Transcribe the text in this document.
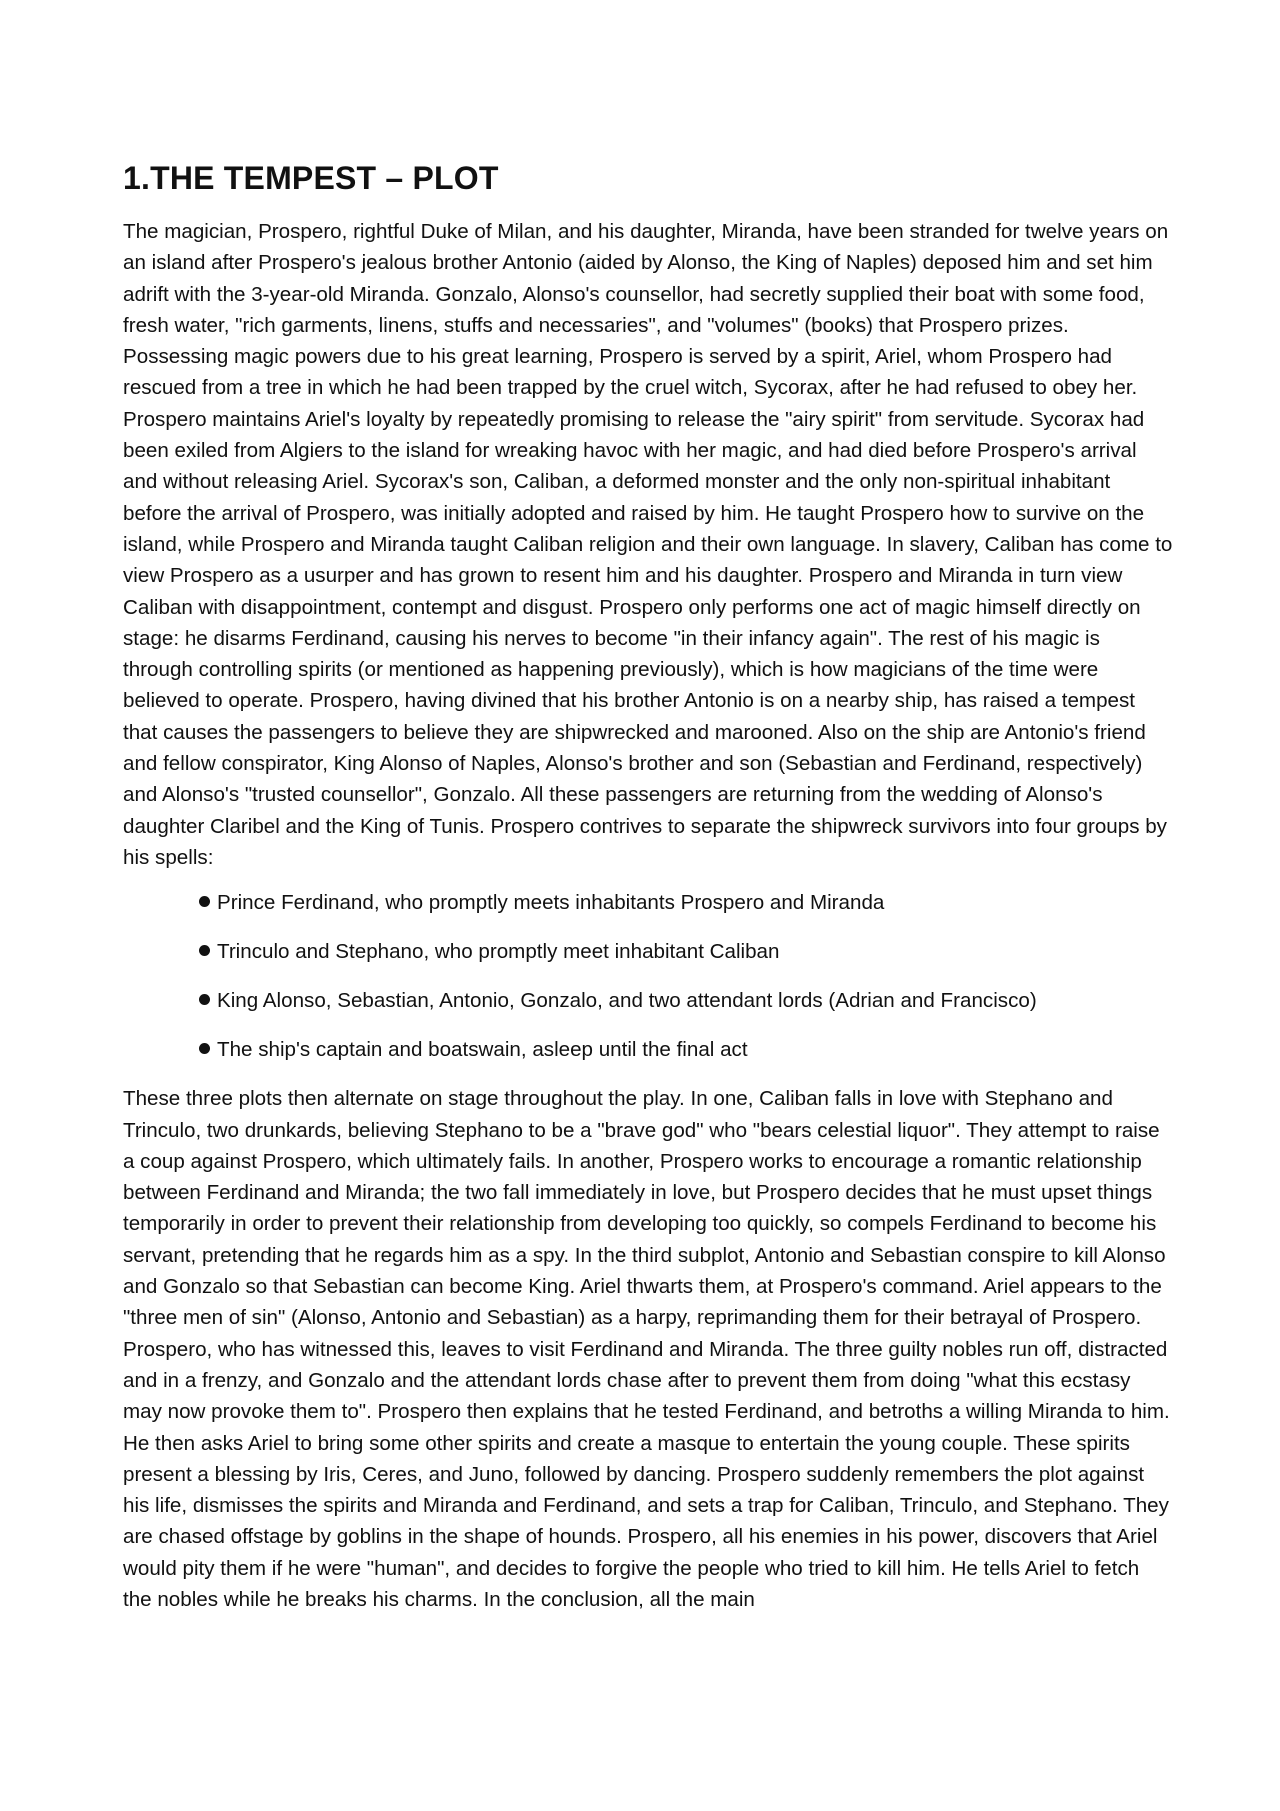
1.THE TEMPEST – PLOT

The magician, Prospero, rightful Duke of Milan, and his daughter, Miranda, have been stranded for twelve years on an island after Prospero's jealous brother Antonio (aided by Alonso, the King of Naples) deposed him and set him adrift with the 3-year-old Miranda. Gonzalo, Alonso's counsellor, had secretly supplied their boat with some food, fresh water, "rich garments, linens, stuffs and necessaries", and "volumes" (books) that Prospero prizes. Possessing magic powers due to his great learning, Prospero is served by a spirit, Ariel, whom Prospero had rescued from a tree in which he had been trapped by the cruel witch, Sycorax, after he had refused to obey her. Prospero maintains Ariel's loyalty by repeatedly promising to release the "airy spirit" from servitude. Sycorax had been exiled from Algiers to the island for wreaking havoc with her magic, and had died before Prospero's arrival and without releasing Ariel. Sycorax's son, Caliban, a deformed monster and the only non-spiritual inhabitant before the arrival of Prospero, was initially adopted and raised by him. He taught Prospero how to survive on the island, while Prospero and Miranda taught Caliban religion and their own language. In slavery, Caliban has come to view Prospero as a usurper and has grown to resent him and his daughter. Prospero and Miranda in turn view Caliban with disappointment, contempt and disgust. Prospero only performs one act of magic himself directly on stage: he disarms Ferdinand, causing his nerves to become "in their infancy again". The rest of his magic is through controlling spirits (or mentioned as happening previously), which is how magicians of the time were believed to operate. Prospero, having divined that his brother Antonio is on a nearby ship, has raised a tempest that causes the passengers to believe they are shipwrecked and marooned. Also on the ship are Antonio's friend and fellow conspirator, King Alonso of Naples, Alonso's brother and son (Sebastian and Ferdinand, respectively) and Alonso's "trusted counsellor", Gonzalo. All these passengers are returning from the wedding of Alonso's daughter Claribel and the King of Tunis. Prospero contrives to separate the shipwreck survivors into four groups by his spells:

Prince Ferdinand, who promptly meets inhabitants Prospero and Miranda
Trinculo and Stephano, who promptly meet inhabitant Caliban
King Alonso, Sebastian, Antonio, Gonzalo, and two attendant lords (Adrian and Francisco)
The ship's captain and boatswain, asleep until the final act

These three plots then alternate on stage throughout the play. In one, Caliban falls in love with Stephano and Trinculo, two drunkards, believing Stephano to be a "brave god" who "bears celestial liquor". They attempt to raise a coup against Prospero, which ultimately fails. In another, Prospero works to encourage a romantic relationship between Ferdinand and Miranda; the two fall immediately in love, but Prospero decides that he must upset things temporarily in order to prevent their relationship from developing too quickly, so compels Ferdinand to become his servant, pretending that he regards him as a spy. In the third subplot, Antonio and Sebastian conspire to kill Alonso and Gonzalo so that Sebastian can become King. Ariel thwarts them, at Prospero's command. Ariel appears to the "three men of sin" (Alonso, Antonio and Sebastian) as a harpy, reprimanding them for their betrayal of Prospero. Prospero, who has witnessed this, leaves to visit Ferdinand and Miranda. The three guilty nobles run off, distracted and in a frenzy, and Gonzalo and the attendant lords chase after to prevent them from doing "what this ecstasy may now provoke them to". Prospero then explains that he tested Ferdinand, and betroths a willing Miranda to him. He then asks Ariel to bring some other spirits and create a masque to entertain the young couple. These spirits present a blessing by Iris, Ceres, and Juno, followed by dancing. Prospero suddenly remembers the plot against his life, dismisses the spirits and Miranda and Ferdinand, and sets a trap for Caliban, Trinculo, and Stephano. They are chased offstage by goblins in the shape of hounds. Prospero, all his enemies in his power, discovers that Ariel would pity them if he were "human", and decides to forgive the people who tried to kill him. He tells Ariel to fetch the nobles while he breaks his charms. In the conclusion, all the main
